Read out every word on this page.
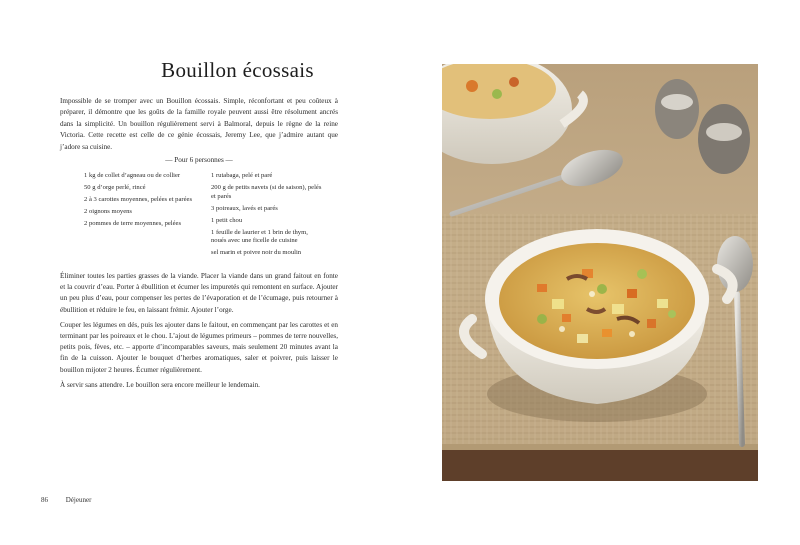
Bouillon écossais

Impossible de se tromper avec un Bouillon écossais. Simple, réconfortant et peu coûteux à préparer, il démontre que les goûts de la famille royale peuvent aussi être résolument ancrés dans la simplicité. Un bouillon régulièrement servi à Balmoral, depuis le règne de la reine Victoria. Cette recette est celle de ce génie écossais, Jeremy Lee, que j’admire autant que j’adore sa cuisine.

— Pour 6 personnes —
1 kg de collet d’agneau ou de collier
50 g d’orge perlé, rincé
2 à 3 carottes moyennes, pelées et parées
2 oignons moyens
2 pommes de terre moyennes, pelées
1 rutabaga, pelé et paré
200 g de petits navets (si de saison), pelés et parés
3 poireaux, lavés et parés
1 petit chou
1 feuille de laurier et 1 brin de thym, noués avec une ficelle de cuisine
sel marin et poivre noir du moulin

Éliminer toutes les parties grasses de la viande. Placer la viande dans un grand faitout en fonte et la couvrir d’eau. Porter à ébullition et écumer les impuretés qui remontent en surface. Ajouter un peu plus d’eau, pour compenser les pertes de l’évaporation et de l’écumage, puis retourner à ébullition et réduire le feu, en laissant frémir. Ajouter l’orge.

Couper les légumes en dés, puis les ajouter dans le faitout, en commençant par les carottes et en terminant par les poireaux et le chou. L’ajout de légumes primeurs – pommes de terre nouvelles, petits pois, fèves, etc. – apporte d’incomparables saveurs, mais seulement 20 minutes avant la fin de la cuisson. Ajouter le bouquet d’herbes aromatiques, saler et poivrer, puis laisser le bouillon mijoter 2 heures. Écumer régulièrement.

À servir sans attendre. Le bouillon sera encore meilleur le lendemain.

86	Déjeuner
